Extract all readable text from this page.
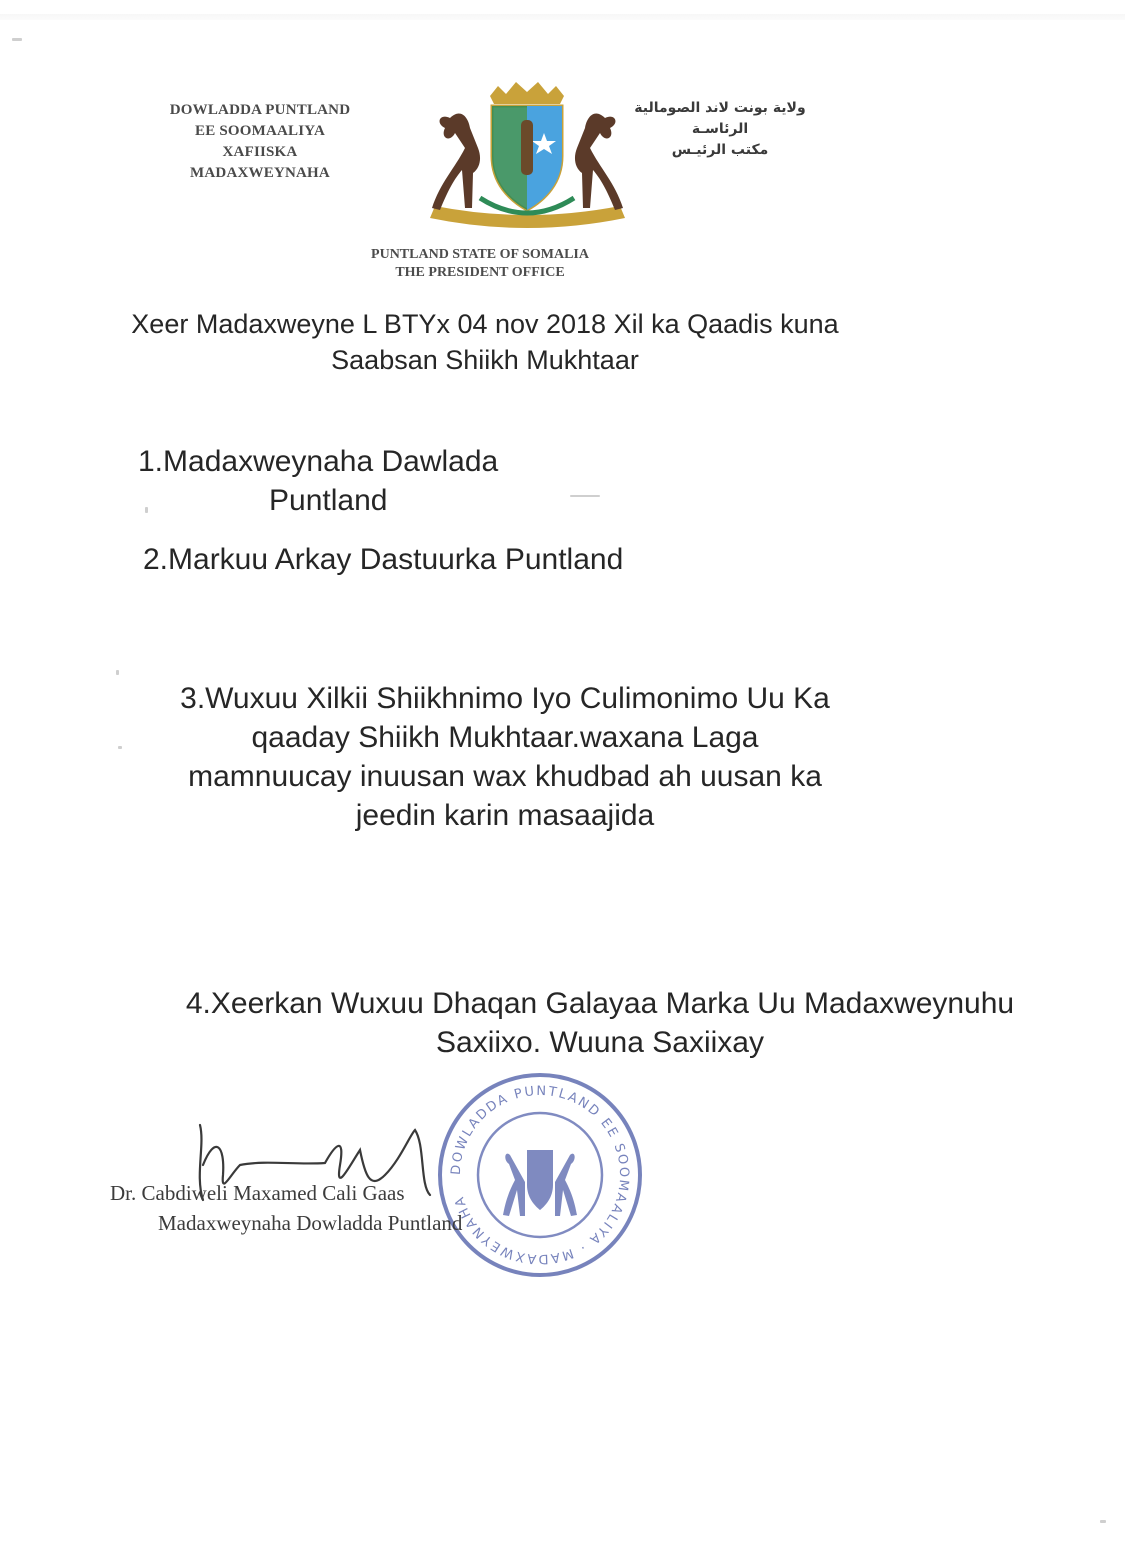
DOWLADDA PUNTLAND
EE SOOMAALIYA
XAFIISKA
MADAXWEYNAHA
ولاية بونت لاند الصومالية
الرئاسـة
مكتب الرئيـس
PUNTLAND STATE OF SOMALIA
THE PRESIDENT OFFICE
Xeer Madaxweyne L BTYx 04 nov 2018 Xil ka Qaadis kuna
Saabsan Shiikh Mukhtaar
1.Madaxweynaha Dawlada
Puntland
2.Markuu Arkay Dastuurka Puntland
3.Wuxuu Xilkii Shiikhnimo Iyo Culimonimo Uu Ka
qaaday Shiikh Mukhtaar.waxana Laga
mamnuucay inuusan wax khudbad ah uusan ka
jeedin karin masaajida
4.Xeerkan Wuxuu Dhaqan Galayaa Marka Uu Madaxweynuhu
Saxiixo. Wuuna Saxiixay
DOWLADDA PUNTLAND EE SOOMAALIYA · MADAXWEYNAHA
Dr. Cabdiweli Maxamed Cali Gaas
Madaxweynaha Dowladda Puntland
